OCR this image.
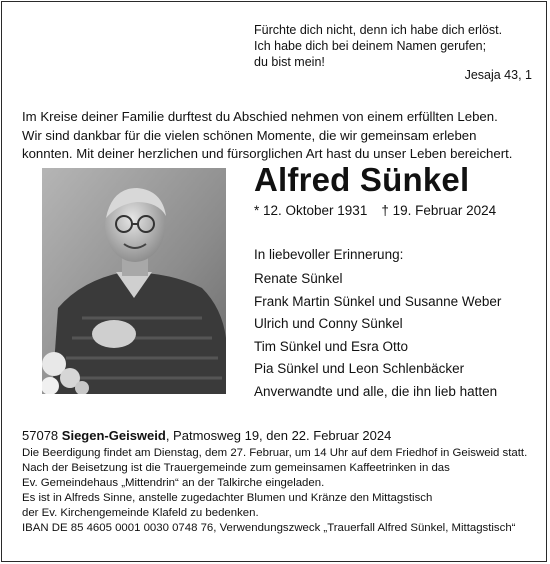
Fürchte dich nicht, denn ich habe dich erlöst.
Ich habe dich bei deinem Namen gerufen;
du bist mein!
Jesaja 43, 1
Im Kreise deiner Familie durftest du Abschied nehmen von einem erfüllten Leben.
Wir sind dankbar für die vielen schönen Momente, die wir gemeinsam erleben
konnten. Mit deiner herzlichen und fürsorglichen Art hast du unser Leben bereichert.
Alfred Sünkel
* 12. Oktober 1931 † 19. Februar 2024
In liebevoller Erinnerung:
Renate Sünkel
Frank Martin Sünkel und Susanne Weber
Ulrich und Conny Sünkel
Tim Sünkel und Esra Otto
Pia Sünkel und Leon Schlenbäcker
Anverwandte und alle, die ihn lieb hatten
57078 Siegen-Geisweid, Patmosweg 19, den 22. Februar 2024
Die Beerdigung findet am Dienstag, dem 27. Februar, um 14 Uhr auf dem Friedhof in Geisweid statt.
Nach der Beisetzung ist die Trauergemeinde zum gemeinsamen Kaffeetrinken in das
Ev. Gemeindehaus „Mittendrin“ an der Talkirche eingeladen.
Es ist in Alfreds Sinne, anstelle zugedachter Blumen und Kränze den Mittagstisch
der Ev. Kirchengemeinde Klafeld zu bedenken.
IBAN DE 85 4605 0001 0030 0748 76, Verwendungszweck „Trauerfall Alfred Sünkel, Mittagstisch“
